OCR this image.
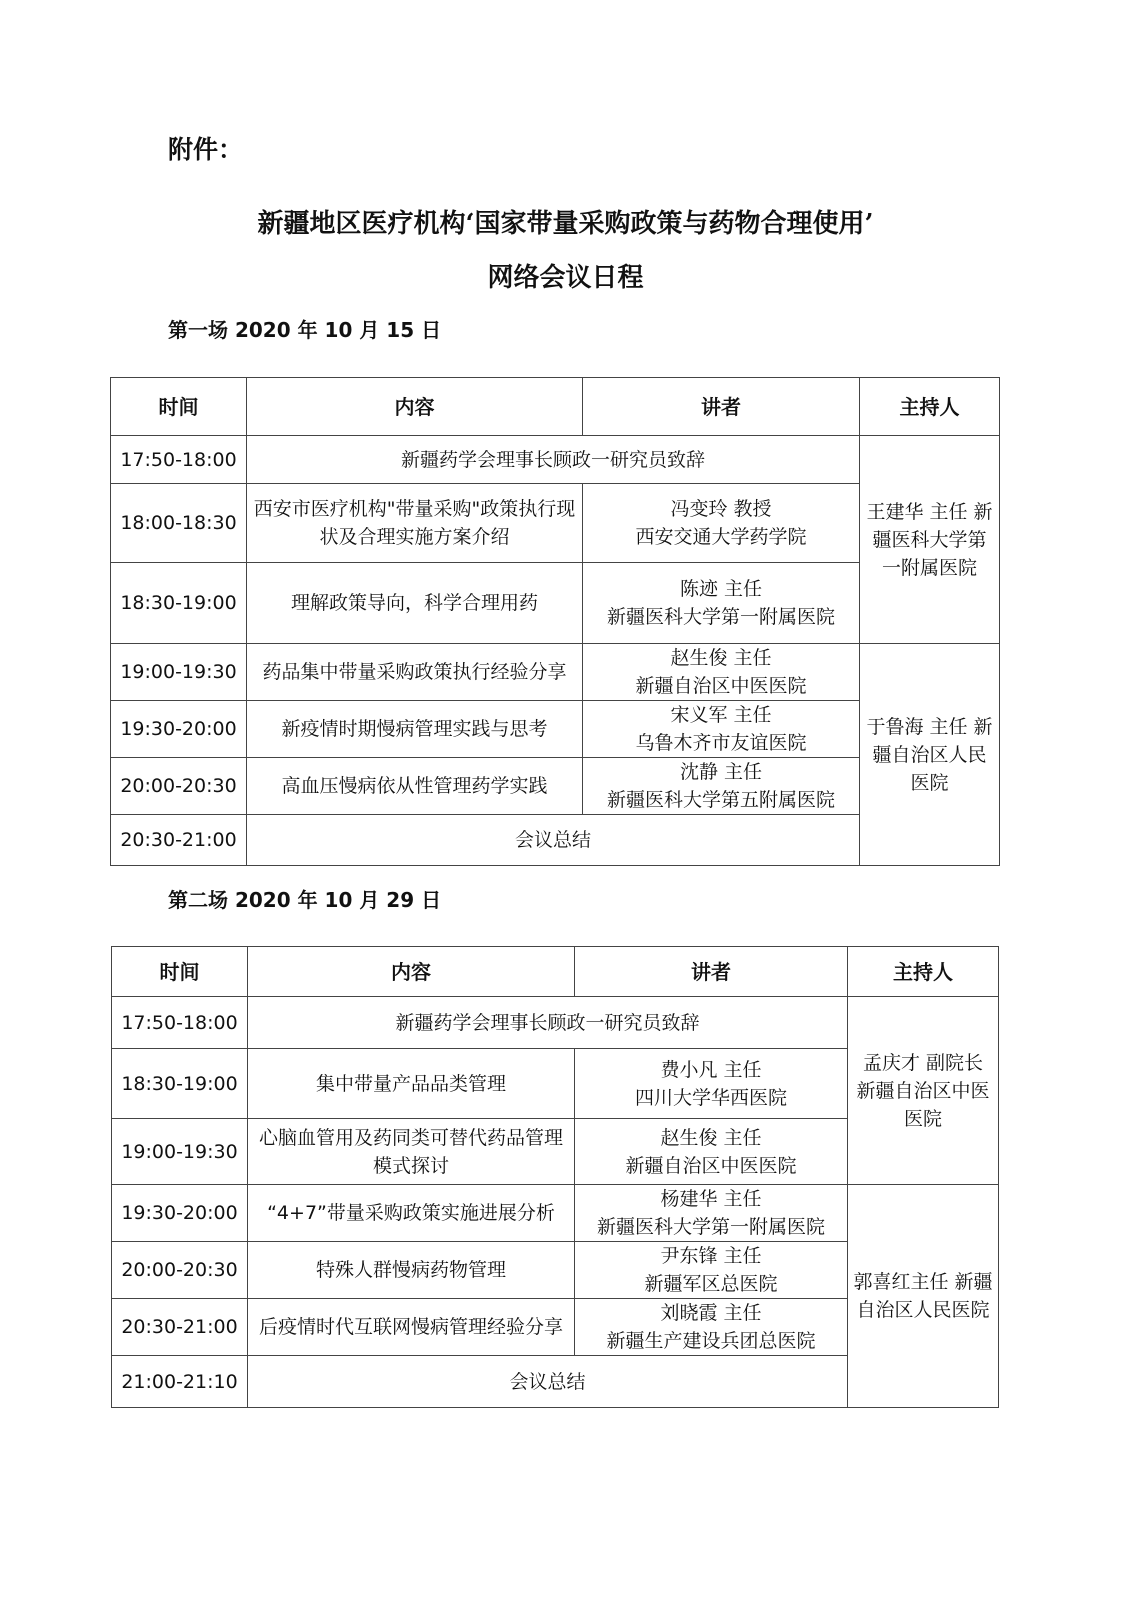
附件：
新疆地区医疗机构‘国家带量采购政策与药物合理使用’
网络会议日程
第一场 2020 年 10 月 15 日
时间	内容	讲者	主持人
17:50-18:00	新疆药学会理事长顾政一研究员致辞		王建华 主任 新疆医科大学第一附属医院
18:00-18:30	西安市医疗机构"带量采购"政策执行现状及合理实施方案介绍	冯变玲 教授
西安交通大学药学院	

18:30-19:00	理解政策导向，科学合理用药	陈迹 主任
新疆医科大学第一附属医院	

19:00-19:30	药品集中带量采购政策执行经验分享	赵生俊 主任
新疆自治区中医医院	于鲁海 主任 新疆自治区人民医院
19:30-20:00	新疫情时期慢病管理实践与思考	宋义军 主任
乌鲁木齐市友谊医院	

20:00-20:30	高血压慢病依从性管理药学实践	沈静 主任
新疆医科大学第五附属医院	

20:30-21:00	会议总结		
第二场 2020 年 10 月 29 日
时间	内容	讲者	主持人
17:50-18:00	新疆药学会理事长顾政一研究员致辞		孟庆才 副院长 新疆自治区中医医院
18:30-19:00	集中带量产品品类管理	费小凡 主任
四川大学华西医院	

19:00-19:30	心脑血管用及药同类可替代药品管理模式探讨	赵生俊 主任
新疆自治区中医医院	

19:30-20:00	“4+7”带量采购政策实施进展分析	杨建华 主任
新疆医科大学第一附属医院	郭喜红主任 新疆自治区人民医院
20:00-20:30	特殊人群慢病药物管理	尹东锋 主任
新疆军区总医院	

20:30-21:00	后疫情时代互联网慢病管理经验分享	刘晓霞 主任
新疆生产建设兵团总医院	

21:00-21:10	会议总结		
